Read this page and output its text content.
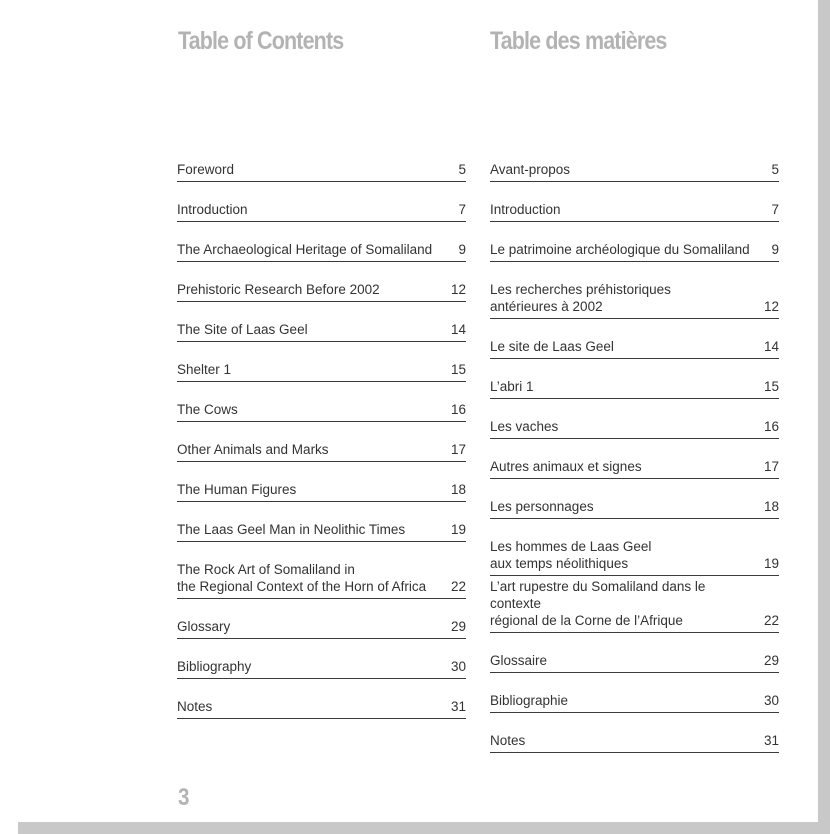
Table of Contents	Table des matières
Foreword	5
Introduction	7
The Archaeological Heritage of Somaliland	9
Prehistoric Research Before 2002	12
The Site of Laas Geel	14
Shelter 1	15
The Cows	16
Other Animals and Marks	17
The Human Figures	18
The Laas Geel Man in Neolithic Times	19
The Rock Art of Somaliland in
the Regional Context of the Horn of Africa	22
Glossary	29
Bibliography	30
Notes	31
Avant-propos	5
Introduction	7
Le patrimoine archéologique du Somaliland	9
Les recherches préhistoriques
antérieures à 2002	12
Le site de Laas Geel	14
L’abri 1	15
Les vaches	16
Autres animaux et signes	17
Les personnages	18
Les hommes de Laas Geel
aux temps néolithiques	19
L’art rupestre du Somaliland dans le contexte
régional de la Corne de l’Afrique	22
Glossaire	29
Bibliographie	30
Notes	31

3
